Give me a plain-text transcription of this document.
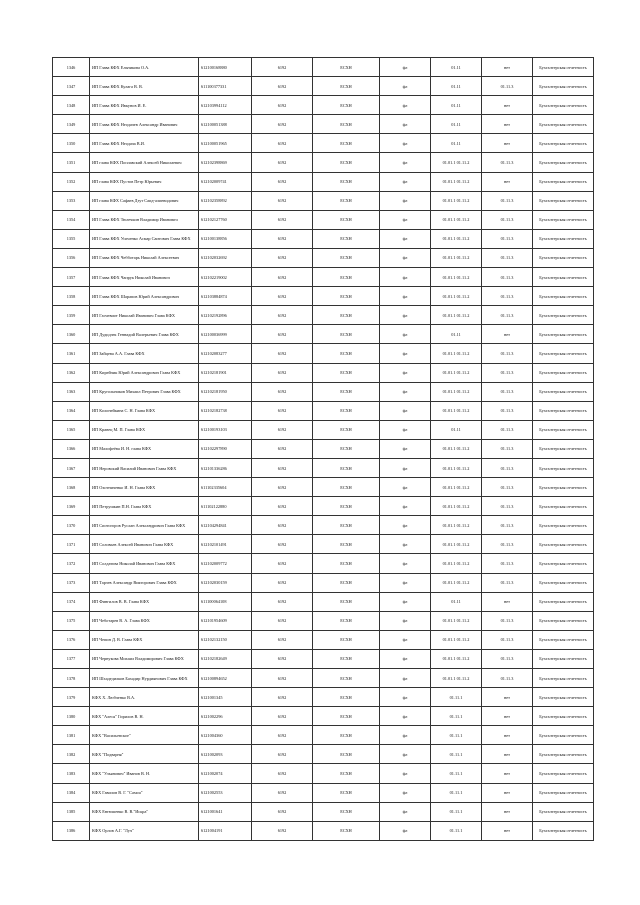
1346	ИП Глава КФХ Ельникова О.А.	612100168880	6192	ЕСХН	фл	01.11	нет	Бухгалтерская отчетность
1347	ИП Глава КФХ Кулага В. В.	611100377331	6192	ЕСХН	фл	01.11	01.11.3	Бухгалтерская отчетность
1348	ИП Глава КФХ Ивкунов И. Е.	612103994112	6192	ЕСХН	фл	01.11	нет	Бухгалтерская отчетность
1349	ИП Глава КФХ Неодачев Александр Иванович	612100051388	6192	ЕСХН	фл	01.11	нет	Бухгалтерская отчетность
1350	ИП Глава КФХ Неодача В.И.	612100051965	6192	ЕСХН	фл	01.11	нет	Бухгалтерская отчетность
1351	ИП глава КФХ Поплавский Алексей Николаевич	612102398869	6192	ЕСХН	фл	01.01.1 01.11.2	01.11.3	Бухгалтерская отчетность
1352	ИП глава КФХ Пустов Петр Юрьевич	612102009741	6192	ЕСХН	фл	01.01.1 01.11.2	нет	Бухгалтерская отчетность
1353	ИП глава КФХ Сафаев Дзут Саид-алиевидович	612102358892	6192	ЕСХН	фл	01.01.1 01.11.2	01.11.3	Бухгалтерская отчетность
1354	ИП Глава КФХ Тюлечкин Владимир Иванович	612102127760	6192	ЕСХН	фл	01.01.1 01.11.2	01.11.3	Бухгалтерская отчетность
1355	ИП Глава КФХ Усиченко Асмар Саитович Глава КФХ	612100138856	6192	ЕСХН	фл	01.01.1 01.11.2	01.11.3	Бухгалтерская отчетность
1356	ИП Глава КФХ Чебботарь Николай Алексеевич	612102032692	6192	ЕСХН	фл	01.01.1 01.11.2	01.11.3	Бухгалтерская отчетность
1357	ИП Глава КФХ Чапрук Николай Иванович	612102219002	6192	ЕСХН	фл	01.01.1 01.11.2	01.11.3	Бухгалтерская отчетность
1358	ИП Глава КФХ Шарапов Юрий Александрович	612103884874	6192	ЕСХН	фл	01.01.1 01.11.2	01.11.3	Бухгалтерская отчетность
1359	ИП Гасчевиот Николай Иванович Глава КФХ	612102192896	6192	ЕСХН	фл	01.01.1 01.11.2	01.11.3	Бухгалтерская отчетность
1360	ИП Дудидзек Геннадий Валерьевич Глава КФХ	612100036999	6192	ЕСХН	фл	01.11	нет	Бухгалтерская отчетность
1361	ИП Зайцева А.А. Глава КФХ	612102083277	6192	ЕСХН	фл	01.01.1 01.11.2	01.11.3	Бухгалтерская отчетность
1362	ИП Кирейчик Юрий Александрович Глава КФХ	612102181901	6192	ЕСХН	фл	01.01.1 01.11.2	01.11.3	Бухгалтерская отчетность
1363	ИП Кругольников Михаил Петрович Глава КФХ	612102181950	6192	ЕСХН	фл	01.01.1 01.11.2	01.11.3	Бухгалтерская отчетность
1364	ИП Колонейкина С. Н. Глава КФХ	612102182738	6192	ЕСХН	фл	01.01.1 01.11.2	01.11.3	Бухгалтерская отчетность
1365	ИП Кравец М. П. Глава КФХ	612100193103	6192	ЕСХН	фл	01.11	01.11.3	Бухгалтерская отчетность
1366	ИП Малофеёва И. Н. глава КФХ	612102297890	6192	ЕСХН	фл	01.01.1 01.11.2	01.11.3	Бухгалтерская отчетность
1367	ИП Неровский Василий Иванович Глава КФХ	612101336286	6192	ЕСХН	фл	01.01.1 01.11.2	01.11.3	Бухгалтерская отчетность
1368	ИП Охотниченко И. Н. Глава КФХ	611102335604	6192	ЕСХН	фл	01.01.1 01.11.2	01.11.3	Бухгалтерская отчетность
1369	ИП Петрушкин П.Н. Глава КФХ	611102122880	6192	ЕСХН	фл	01.01.1 01.11.2	01.11.3	Бухгалтерская отчетность
1370	ИП Сиотогоров Руслан Александрович Глава КФХ	612104294841	6192	ЕСХН	фл	01.01.1 01.11.2	01.11.3	Бухгалтерская отчетность
1371	ИП Соловьев Алексей Иванович Глава КФХ	612102101491	6192	ЕСХН	фл	01.01.1 01.11.2	01.11.3	Бухгалтерская отчетность
1372	ИП Солдатова Николай Иванович Глава КФХ	612102009772	6192	ЕСХН	фл	01.01.1 01.11.2	01.11.3	Бухгалтерская отчетность
1373	ИП Тарзев Александр Викторович Глава КФХ	612102030159	6192	ЕСХН	фл	01.01.1 01.11.2	01.11.3	Бухгалтерская отчетность
1374	ИП Фингилов В. В. Глава КФХ	611100064108	6192	ЕСХН	фл	01.11	нет	Бухгалтерская отчетность
1375	ИП Чеботарев В. А. Глава КФХ	612101954609	6192	ЕСХН	фл	01.01.1 01.11.2	01.11.3	Бухгалтерская отчетность
1376	ИП Чепин Д. В. Глава КФХ	612102132150	6192	ЕСХН	фл	01.01.1 01.11.2	01.11.3	Бухгалтерская отчетность
1377	ИП Чернукова Михаил Владимирович Глава КФХ	612102182649	6192	ЕСХН	фл	01.01.1 01.11.2	01.11.3	Бухгалтерская отчетность
1378	ИП Шхадедилков Бахадир Нурдиянович Глава КФХ	612100894652	6192	ЕСХН	фл	01.01.1 01.11.2	01.11.3	Бухгалтерская отчетность
1379	КФХ Х. Любченко В.А.	6121001345	6192	ЕСХН	фл	01.11.1	нет	Бухгалтерская отчетность
1380	КФХ "Алеся" Гирилов В. Н.	6121002296	6192	ЕСХН	фл	01.11.1	нет	Бухгалтерская отчетность
1381	КФХ "Васильевское"	6121004360	6192	ЕСХН	фл	01.11.1	нет	Бухгалтерская отчетность
1382	КФХ "Подварня"	6121002093	6192	ЕСХН	фл	01.11.1	нет	Бухгалтерская отчетность
1383	КФХ "Ульянович" Иванов В. Н.	6121002074	6192	ЕСХН	фл	01.11.1	нет	Бухгалтерская отчетность
1384	КФХ Гавилов В. Г. "Самоа"	6121002553	6192	ЕСХН	фл	01.11.1	нет	Бухгалтерская отчетность
1385	КФХ Евтюшенко В. В."Искра"	6121001641	6192	ЕСХН	фл	01.11.1	нет	Бухгалтерская отчетность
1386	КФХ Орлов А.Г. "Луч"	6121004191	6192	ЕСХН	фл	01.11.1	нет	Бухгалтерская отчетность
